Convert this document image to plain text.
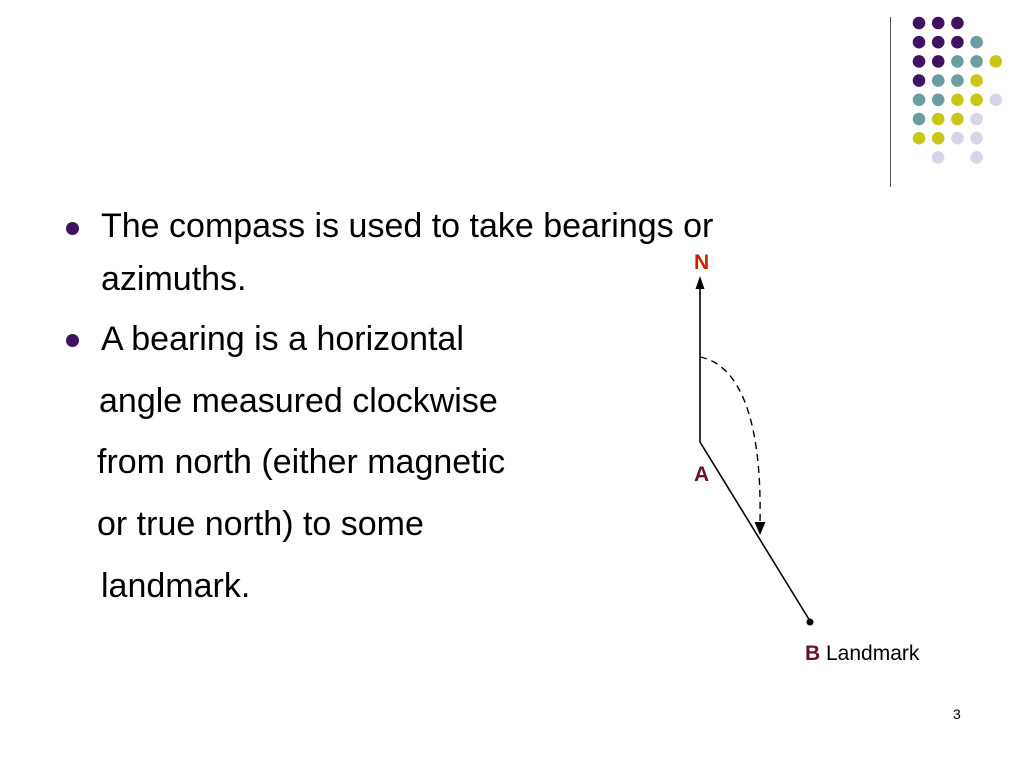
The compass is used to take bearings or
azimuths.
A bearing is a horizontal
angle measured clockwise
from north (either magnetic
or true north) to some
landmark.
N
A
B Landmark
3
